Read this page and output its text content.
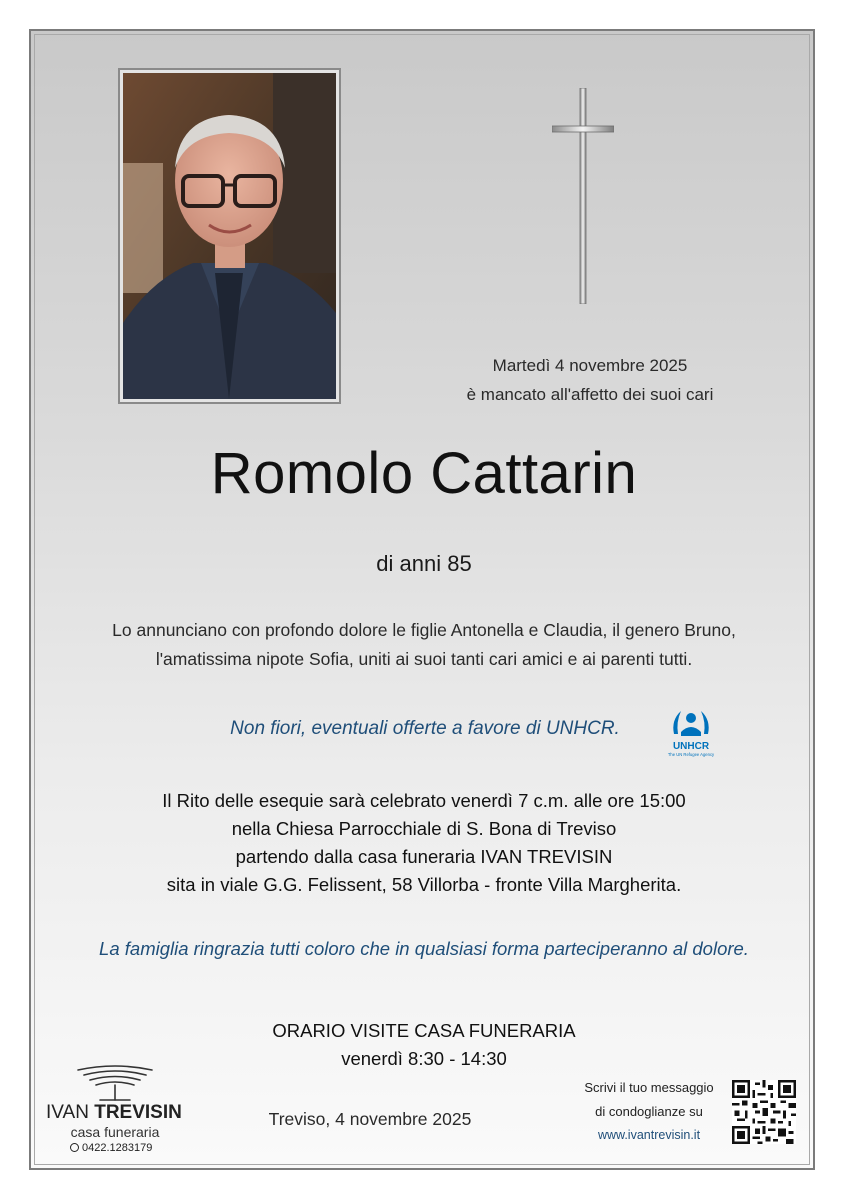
Martedì 4 novembre 2025
è mancato all'affetto dei suoi cari
Romolo Cattarin
di anni 85
Lo annunciano con profondo dolore le figlie Antonella e Claudia, il genero Bruno,
l'amatissima nipote Sofia, uniti ai suoi tanti cari amici e ai parenti tutti.
Non fiori, eventuali offerte a favore di UNHCR.
UNHCR
The UN Refugee Agency
Il Rito delle esequie sarà celebrato venerdì 7 c.m. alle ore 15:00
nella Chiesa Parrocchiale di S. Bona di Treviso
partendo dalla casa funeraria IVAN TREVISIN
sita in viale G.G. Felissent, 58 Villorba - fronte Villa Margherita.
La famiglia ringrazia tutti coloro che in qualsiasi forma parteciperanno al dolore.
ORARIO VISITE CASA FUNERARIA
venerdì 8:30 - 14:30
IVAN TREVISIN
casa funeraria
0422.1283179
Treviso, 4 novembre 2025
Scrivi il tuo messaggio
di condoglianze su
www.ivantrevisin.it
